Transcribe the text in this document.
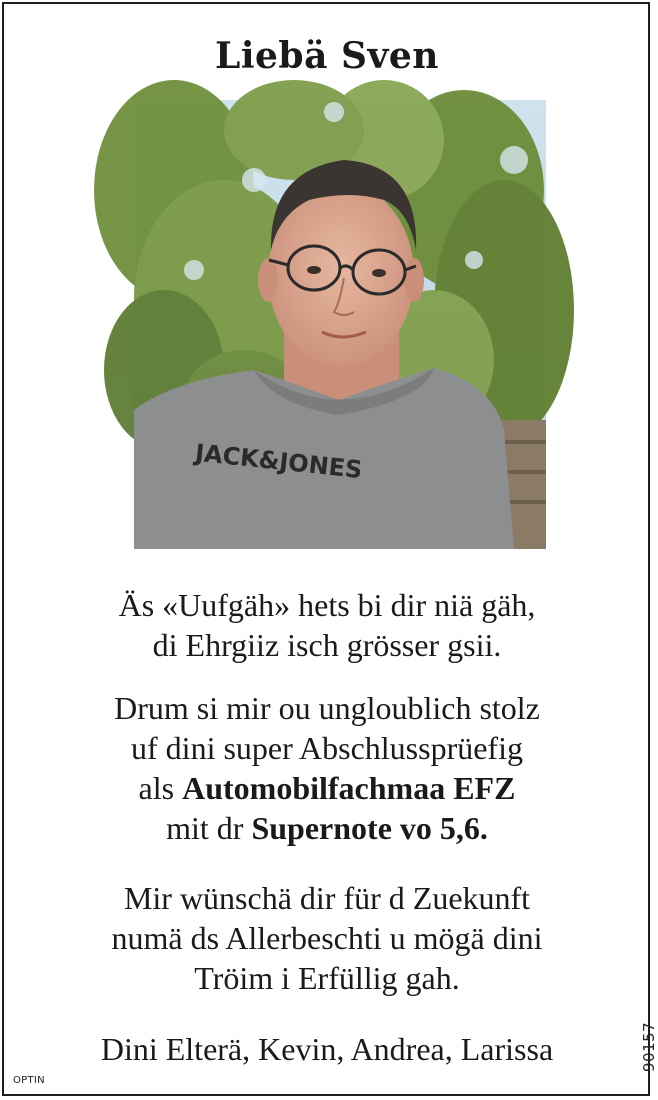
Liebä Sven
JACK&JONES

Äs «Uufgäh» hets bi dir niä gäh,

di Ehrgiiz isch grösser gsii.

Drum si mir ou ungloublich stolz

uf dini super Abschlussprüefig

als Automobilfachmaa EFZ

mit dr Supernote vo 5,6.

Mir wünschä dir für d Zuekunft

numä ds Allerbeschti u mögä dini

Tröim i Erfüllig gah.

Dini Elterä, Kevin, Andrea, Larissa
OPTIN
90157
